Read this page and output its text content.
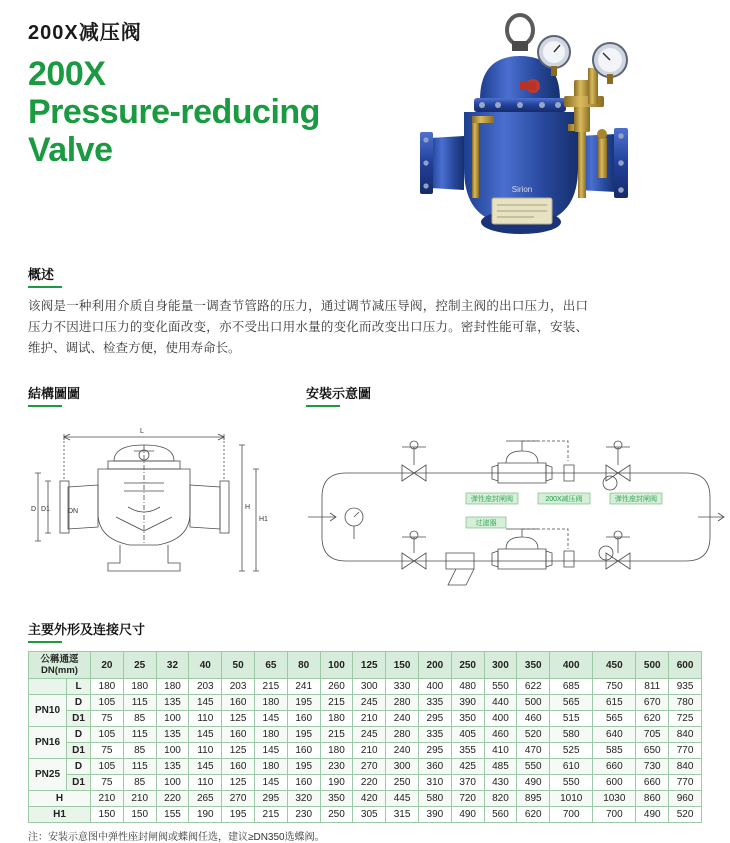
200X减压阀
200X
Pressure-reducing
Valve
Sirion
概述

该阀是一种利用介质自身能量一调查节管路的压力，通过调节减压导阀，控制主阀的出口压力，出口压力不因进口压力的变化面改变，亦不受出口用水量的变化而改变出口压力。密封性能可靠，安装、维护、调试、检查方便，使用寿命长。

結構圖圖
L
D D1	DN
H
H1
安裝示意圖
200X减压阀
弹性座封闸阀	弹性座封闸阀
过滤器
主要外形及连接尺寸
公稱通逕
DN(mm)		20	25	32	40	50	65	80	100	125	150	200	250	300	350	400	450	500	600
	L	180	180	180	203	203	215	241	260	300	330	400	480	550	622	685	750	811	935
PN10	D	105	115	135	145	160	180	195	215	245	280	335	390	440	500	565	615	670	780
	D1	75	85	100	110	125	145	160	180	210	240	295	350	400	460	515	565	620	725
PN16	D	105	115	135	145	160	180	195	215	245	280	335	405	460	520	580	640	705	840
	D1	75	85	100	110	125	145	160	180	210	240	295	355	410	470	525	585	650	770
PN25	D	105	115	135	145	160	180	195	230	270	300	360	425	485	550	610	660	730	840
	D1	75	85	100	110	125	145	160	190	220	250	310	370	430	490	550	600	660	770
H		210	210	220	265	270	295	320	350	420	445	580	720	820	895	1010	1030	860	960
H1		150	150	155	190	195	215	230	250	305	315	390	490	560	620	700	700	490	520
注：安装示意图中弹性座封闸阀或蝶阀任选，建议≥DN350选蝶阀。
